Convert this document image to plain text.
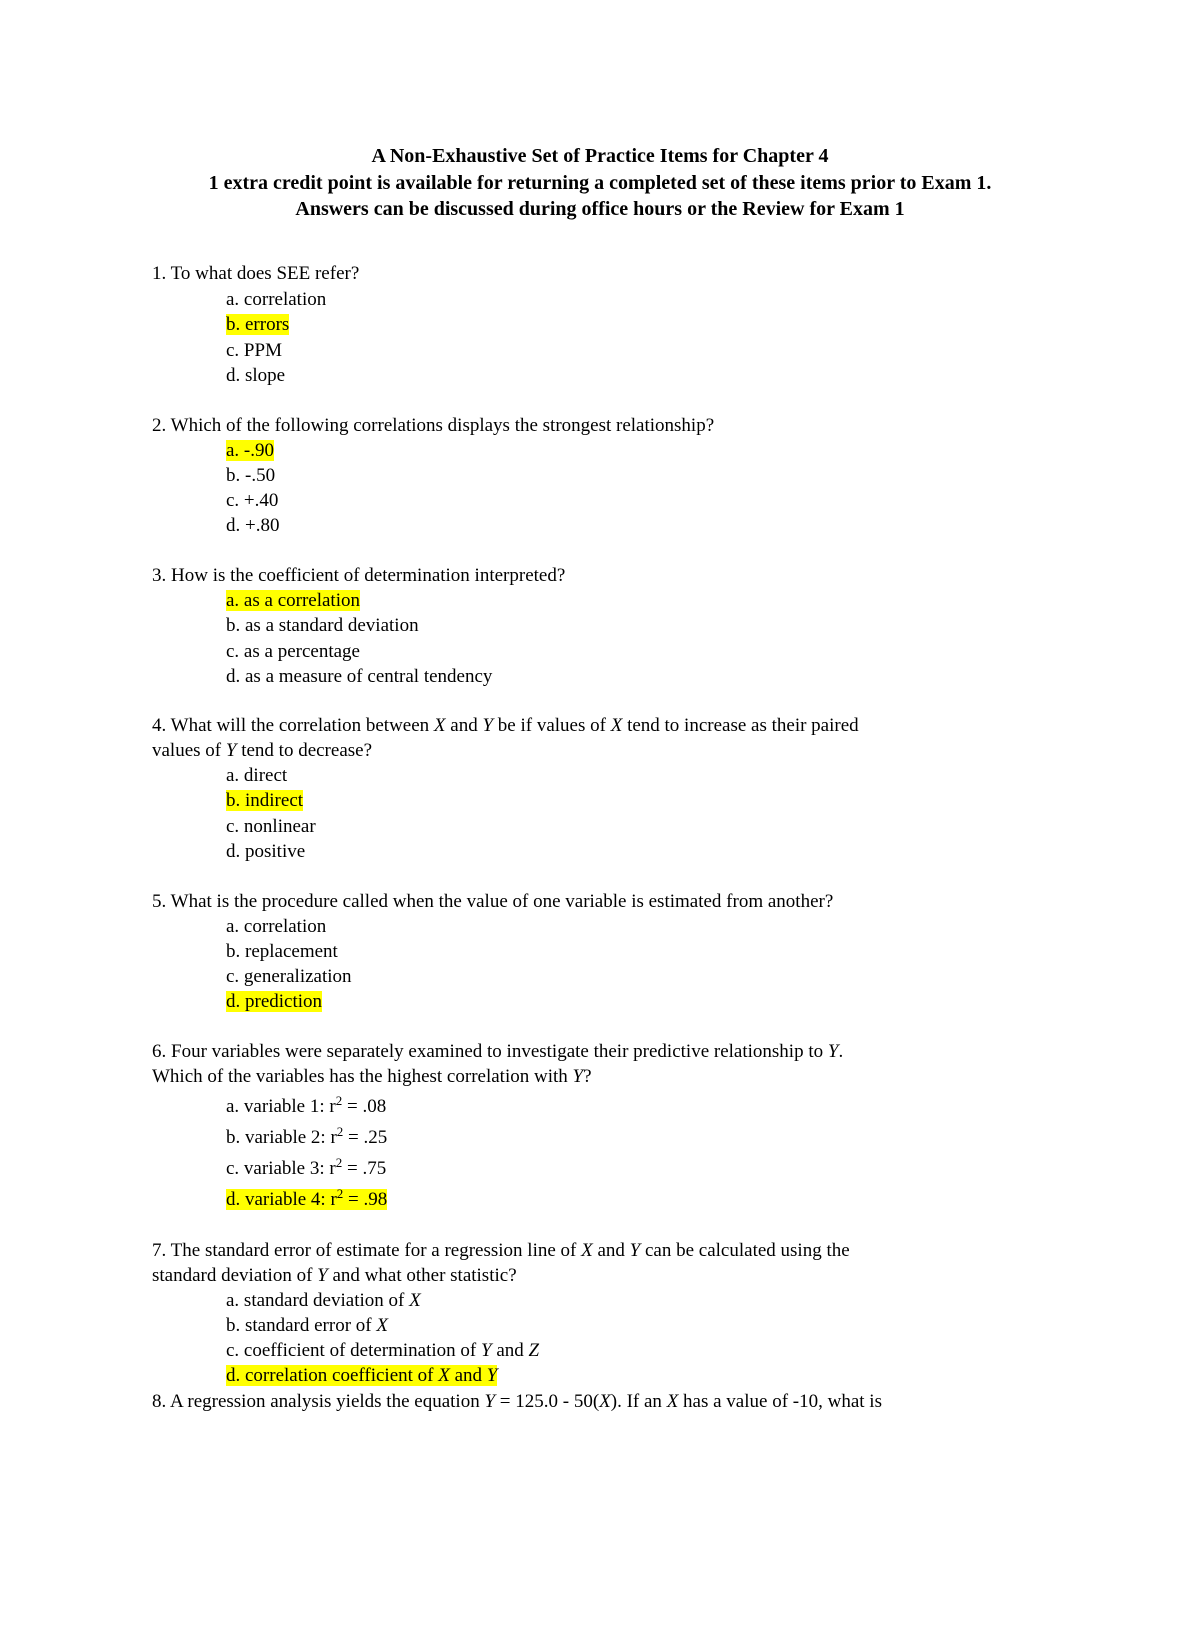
A Non-Exhaustive Set of Practice Items for Chapter 4
1 extra credit point is available for returning a completed set of these items prior to Exam 1.
Answers can be discussed during office hours or the Review for Exam 1
1. To what does SEE refer?
a. correlation
b. errors
c. PPM
d. slope
2. Which of the following correlations displays the strongest relationship?
a. -.90
b. -.50
c. +.40
d. +.80
3. How is the coefficient of determination interpreted?
a. as a correlation
b. as a standard deviation
c. as a percentage
d. as a measure of central tendency
4. What will the correlation between X and Y be if values of X tend to increase as their paired
values of Y tend to decrease?
a. direct
b. indirect
c. nonlinear
d. positive
5. What is the procedure called when the value of one variable is estimated from another?
a. correlation
b. replacement
c. generalization
d. prediction
6. Four variables were separately examined to investigate their predictive relationship to Y.
Which of the variables has the highest correlation with Y?
a. variable 1: $r^2 = .08$
b. variable 2: $r^2 = .25$
c. variable 3: $r^2 = .75$
d. variable 4: $r^2 = .98$
7. The standard error of estimate for a regression line of X and Y can be calculated using the
standard deviation of Y and what other statistic?
a. standard deviation of X
b. standard error of X
c. coefficient of determination of Y and Z
d. correlation coefficient of X and Y
8. A regression analysis yields the equation Y = 125.0 - 50(X). If an X has a value of -10, what is
